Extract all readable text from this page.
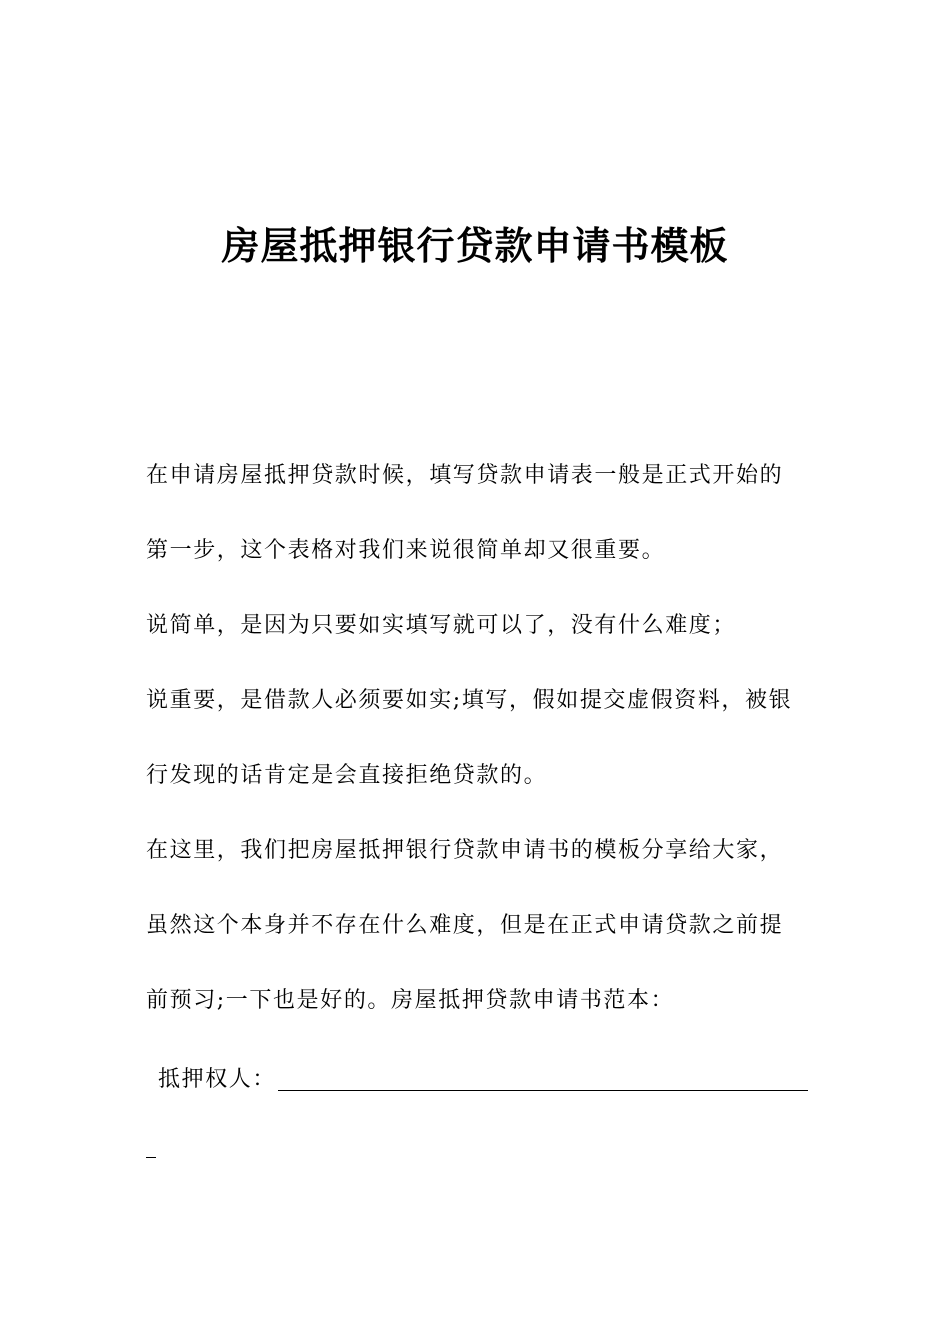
房屋抵押银行贷款申请书模板

在申请房屋抵押贷款时候，填写贷款申请表一般是正式开始的

第一步，这个表格对我们来说很简单却又很重要。

说简单，是因为只要如实填写就可以了，没有什么难度；

说重要，是借款人必须要如实;填写，假如提交虚假资料，被银

行发现的话肯定是会直接拒绝贷款的。

在这里，我们把房屋抵押银行贷款申请书的模板分享给大家，

虽然这个本身并不存在什么难度，但是在正式申请贷款之前提

前预习;一下也是好的。房屋抵押贷款申请书范本：

抵押权人：
